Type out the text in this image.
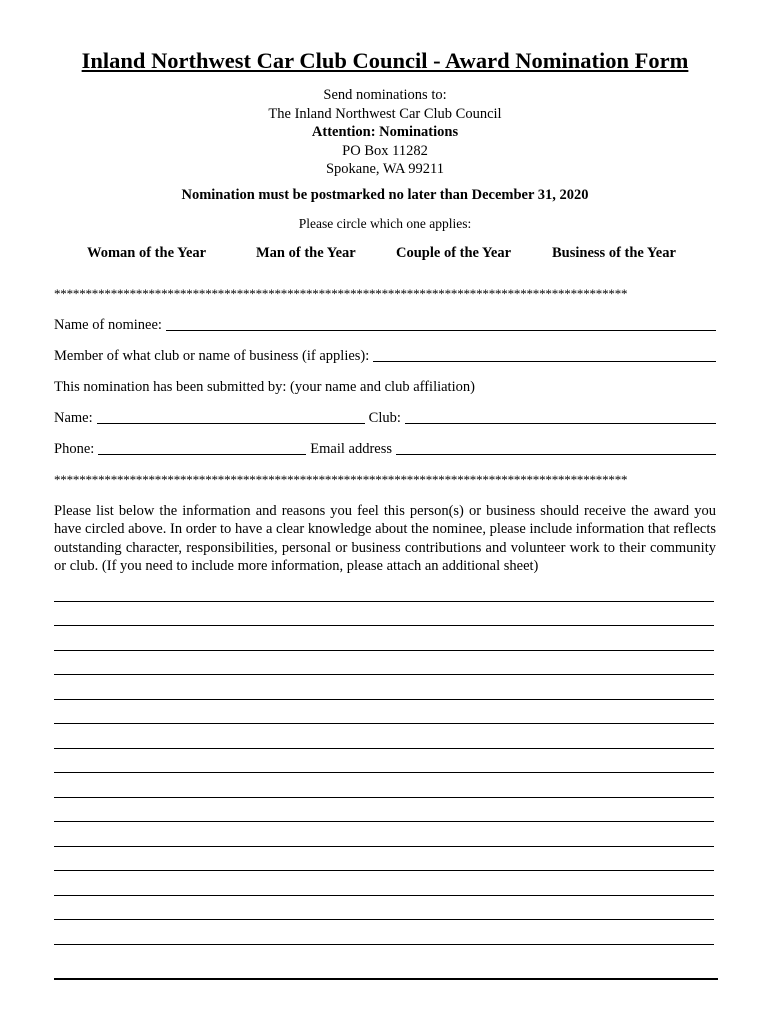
Inland Northwest Car Club Council - Award Nomination Form
Send nominations to:
The Inland Northwest Car Club Council
Attention: Nominations
PO Box 11282
Spokane, WA 99211
Nomination must be postmarked no later than December 31, 2020
Please circle which one applies:
Woman of the Year	Man of the Year	Couple of the Year	Business of the Year
*******************************************************************************************
Name of nominee:
Member of what club or name of business (if applies):
This nomination has been submitted by: (your name and club affiliation)
Name:	Club:
Phone:	Email address
*******************************************************************************************
Please list below the information and reasons you feel this person(s) or business should receive the award you have circled above. In order to have a clear knowledge about the nominee, please include information that reflects outstanding character, responsibilities, personal or business contributions and volunteer work to their community or club. (If you need to include more information, please attach an additional sheet)
